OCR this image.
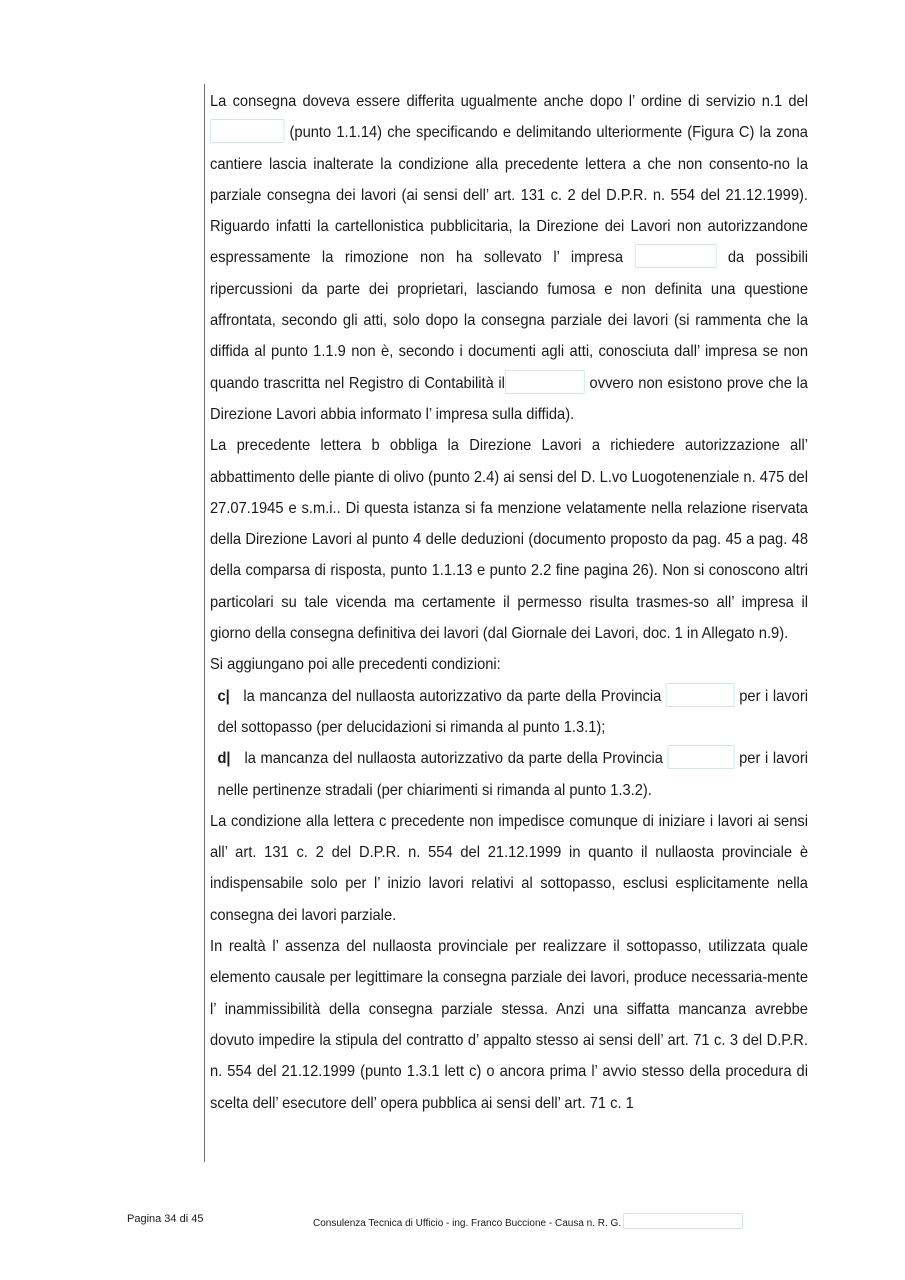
La consegna doveva essere differita ugualmente anche dopo l’ ordine di servizio n.1 del  (punto 1.1.14) che specificando e delimitando ulteriormente (Figura C) la zona cantiere lascia inalterate la condizione alla precedente lettera a che non consento-no la parziale consegna dei lavori (ai sensi dell’ art. 131 c. 2 del D.P.R. n. 554 del 21.12.1999). Riguardo infatti la cartellonistica pubblicitaria, la Direzione dei Lavori non autorizzandone espressamente la rimozione non ha sollevato l’ impresa	da possibili ripercussioni da parte dei proprietari, lasciando fumosa e non definita una questione affrontata, secondo gli atti, solo dopo la consegna parziale dei lavori (si rammenta che la diffida al punto 1.1.9 non è, secondo i documenti agli atti, conosciuta dall’ impresa se non quando trascritta nel Registro di Contabilità il	ovvero non esistono prove che la Direzione Lavori abbia informato l’ impresa sulla diffida).

La precedente lettera b obbliga la Direzione Lavori a richiedere autorizzazione all’ abbattimento delle piante di olivo (punto 2.4) ai sensi del D. L.vo Luogotenenziale n. 475 del 27.07.1945 e s.m.i.. Di questa istanza si fa menzione velatamente nella relazione riservata della Direzione Lavori al punto 4 delle deduzioni (documento proposto da pag. 45 a pag. 48 della comparsa di risposta, punto 1.1.13 e punto 2.2 fine pagina 26). Non si conoscono altri particolari su tale vicenda ma certamente il permesso risulta trasmes-so all’ impresa il giorno della consegna definitiva dei lavori (dal Giornale dei Lavori, doc. 1 in Allegato n.9).

Si aggiungano poi alle precedenti condizioni:

c| la mancanza del nullaosta autorizzativo da parte della Provincia	per i lavori del sottopasso (per delucidazioni si rimanda al punto 1.3.1);

d| la mancanza del nullaosta autorizzativo da parte della Provincia	per i lavori nelle pertinenze stradali (per chiarimenti si rimanda al punto 1.3.2).

La condizione alla lettera c precedente non impedisce comunque di iniziare i lavori ai sensi all’ art. 131 c. 2 del D.P.R. n. 554 del 21.12.1999 in quanto il nullaosta provinciale è indispensabile solo per l’ inizio lavori relativi al sottopasso, esclusi esplicitamente nella consegna dei lavori parziale.

In realtà l’ assenza del nullaosta provinciale per realizzare il sottopasso, utilizzata quale elemento causale per legittimare la consegna parziale dei lavori, produce necessaria-mente l’ inammissibilità della consegna parziale stessa. Anzi una siffatta mancanza avrebbe dovuto impedire la stipula del contratto d’ appalto stesso ai sensi dell’ art. 71 c. 3 del D.P.R. n. 554 del 21.12.1999 (punto 1.3.1 lett c) o ancora prima l’ avvio stesso della procedura di scelta dell’ esecutore dell’ opera pubblica ai sensi dell’ art. 71 c. 1

Pagina 34 di 45	Consulenza Tecnica di Ufficio - ing. Franco Buccione - Causa n. R. G.
